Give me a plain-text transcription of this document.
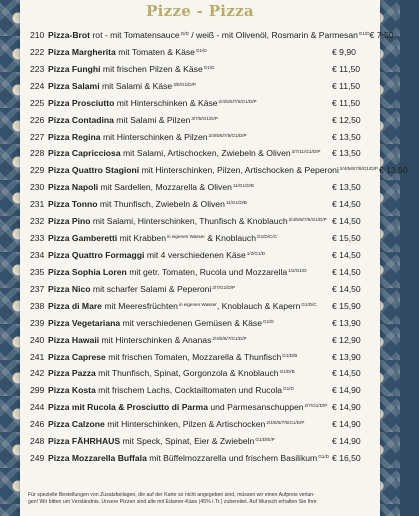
Pizze - Pizza
210 Pizza-Brot rot - mit Tomatensauce$^{G/D}$ / weiß - mit Olivenöl, Rosmarin & Parmesan$^{G1/D}$ € 7,50
222 Pizza Margherita mit Tomaten & Käse$^{G1/D}$	€ 9,90
223 Pizza Funghi mit frischen Pilzen & Käse$^{G1/D}$	€ 11,50
224 Pizza Salami mit Salami & Käse$^{3/5/G1/D/P}$	€ 11,50
225 Pizza Prosciutto mit Hinterschinken & Käse$^{2/4/5/6/7/5/G1/D/P}$	€ 11,50
226 Pizza Contadina mit Salami & Pilzen$^{3/7/5/G1/D/P}$	€ 12,50
227 Pizza Regina mit Hinterschinken & Pilzen$^{2/4/5/6/7/5/G1/D/P}$	€ 13,50
228 Pizza Capricciosa mit Salami, Artischocken, Zwiebeln & Oliven$^{3/7/11/G1/D/P}$	€ 13,50
229 Pizza Quattro Stagioni mit Hinterschinken, Pilzen, Artischocken & Peperoni$^{2/4/5/6/7/8/G1/D/P}$ € 13,50
230 Pizza Napoli mit Sardellen, Mozzarella & Oliven$^{11/G1/D/B}$	€ 13,50
231 Pizza Tonno mit Thunfisch, Zwiebeln & Oliven$^{11/G1/D/B}$	€ 14,50
232 Pizza Pino mit Salami, Hinterschinken, Thunfisch & Knoblauch$^{2/4/5/6/7/5/G1/D/P}$ € 14,50
233 Pizza Gamberetti mit Krabben$^{in eigenen Wasser}$ & Knoblauch$^{G1/D/C/C}$	€ 15,50
234 Pizza Quattro Formaggi mit 4 verschiedenen Käse$^{1/2/G1/D}$	€ 14,50
235 Pizza Sophia Loren mit getr. Tomaten, Rucola und Mozzarella$^{1/2/G1/D}$	€ 14,50
237 Pizza Nico mit scharfer Salami & Peperoni$^{3/7/G1/D/P}$	€ 14,50
238 Pizza di Mare mit Meeresfrüchten$^{in eigenen Wasser}$, Knoblauch & Kapern$^{G1/D/C}$	€ 15,90
239 Pizza Vegetariana mit verschiedenen Gemüsen & Käse$^{G1/D}$	€ 13,90
240 Pizza Hawaii mit Hinterschinken & Ananas$^{2/4/5/6/7/G1/D/P}$	€ 12,90
241 Pizza Caprese mit frischen Tomaten, Mozzarella & Thunfisch$^{G1/D/B}$	€ 13,90
242 Pizza Pazza mit Thunfisch, Spinat, Gorgonzola & Knoblauch$^{G1/D/B}$	€ 14,50
299 Pizza Kosta mit frischem Lachs, Cocktailtomaten und Rucola$^{G1/D}$	€ 14,90
244 Pizza mit Rucola & Prosciutto di Parma und Parmesanschuppen$^{2/7/G1/D/P}$ € 14,90
246 Pizza Calzone mit Hinterschinken, Pilzen & Artischocken$^{2/4/5/6/7/5/G1/D/P}$	€ 14,90
248 Pizza FÄHRHAUS mit Speck, Spinat, Eier & Zwiebeln$^{G1/D/E/P}$	€ 14,90
249 Pizza Mozzarella Buffala mit Büffelmozzarella und frischem Basilikum$^{G1/D}$ € 16,50
Für spezielle Bestellungen von Zusatzbeilagen, die auf der Karte so nicht angegeben sind, müssen wir einen Aufpreis verlan-
gen! Wir bitten um Verständnis. Unsere Pizzen sind alle mit Edamer-Käse (45% i.Tr.) zubereitet. Auf Wunsch erhalten Sie Ihre
